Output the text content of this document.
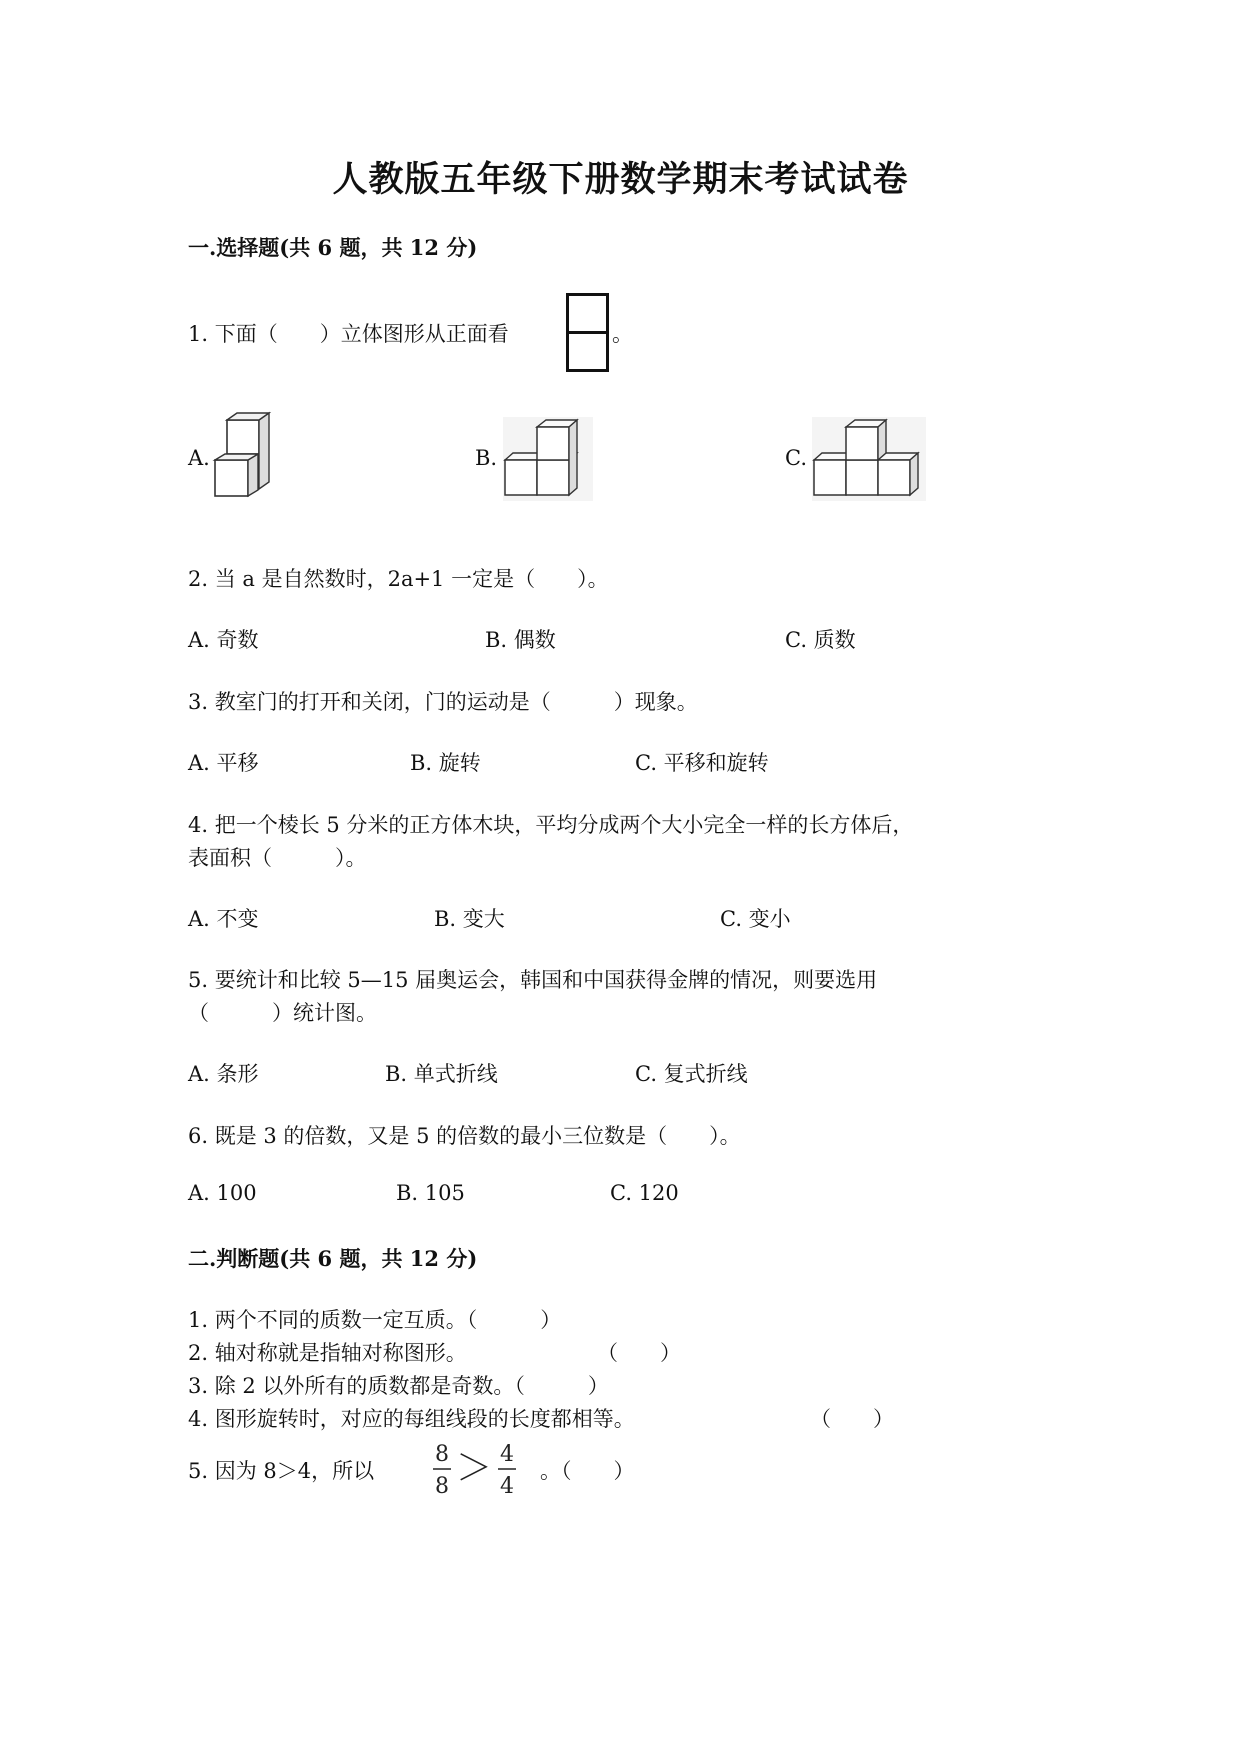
人教版五年级下册数学期末考试试卷
一.选择题(共 6 题，共 12 分)
1. 下面（　　）立体图形从正面看	。
A.	B.	C.
2. 当 a 是自然数时，2a+1 一定是（　　）。
A. 奇数	B. 偶数	C. 质数
3. 教室门的打开和关闭，门的运动是（　　　）现象。
A. 平移	B. 旋转	C. 平移和旋转
4. 把一个棱长 5 分米的正方体木块，平均分成两个大小完全一样的长方体后，
表面积（　　　）。
A. 不变	B. 变大	C. 变小
5. 要统计和比较 5—15 届奥运会，韩国和中国获得金牌的情况，则要选用
（　　　）统计图。
A. 条形	B. 单式折线	C. 复式折线
6. 既是 3 的倍数，又是 5 的倍数的最小三位数是（　　）。
A. 100	B. 105	C. 120
二.判断题(共 6 题，共 12 分)
1. 两个不同的质数一定互质。（　　　）
2. 轴对称就是指轴对称图形。	（　　）
3. 除 2 以外所有的质数都是奇数。（　　　）
4. 图形旋转时，对应的每组线段的长度都相等。	（　　）
5. 因为 8＞4，所以
8
8 ＞ 4
4
。（　　）
